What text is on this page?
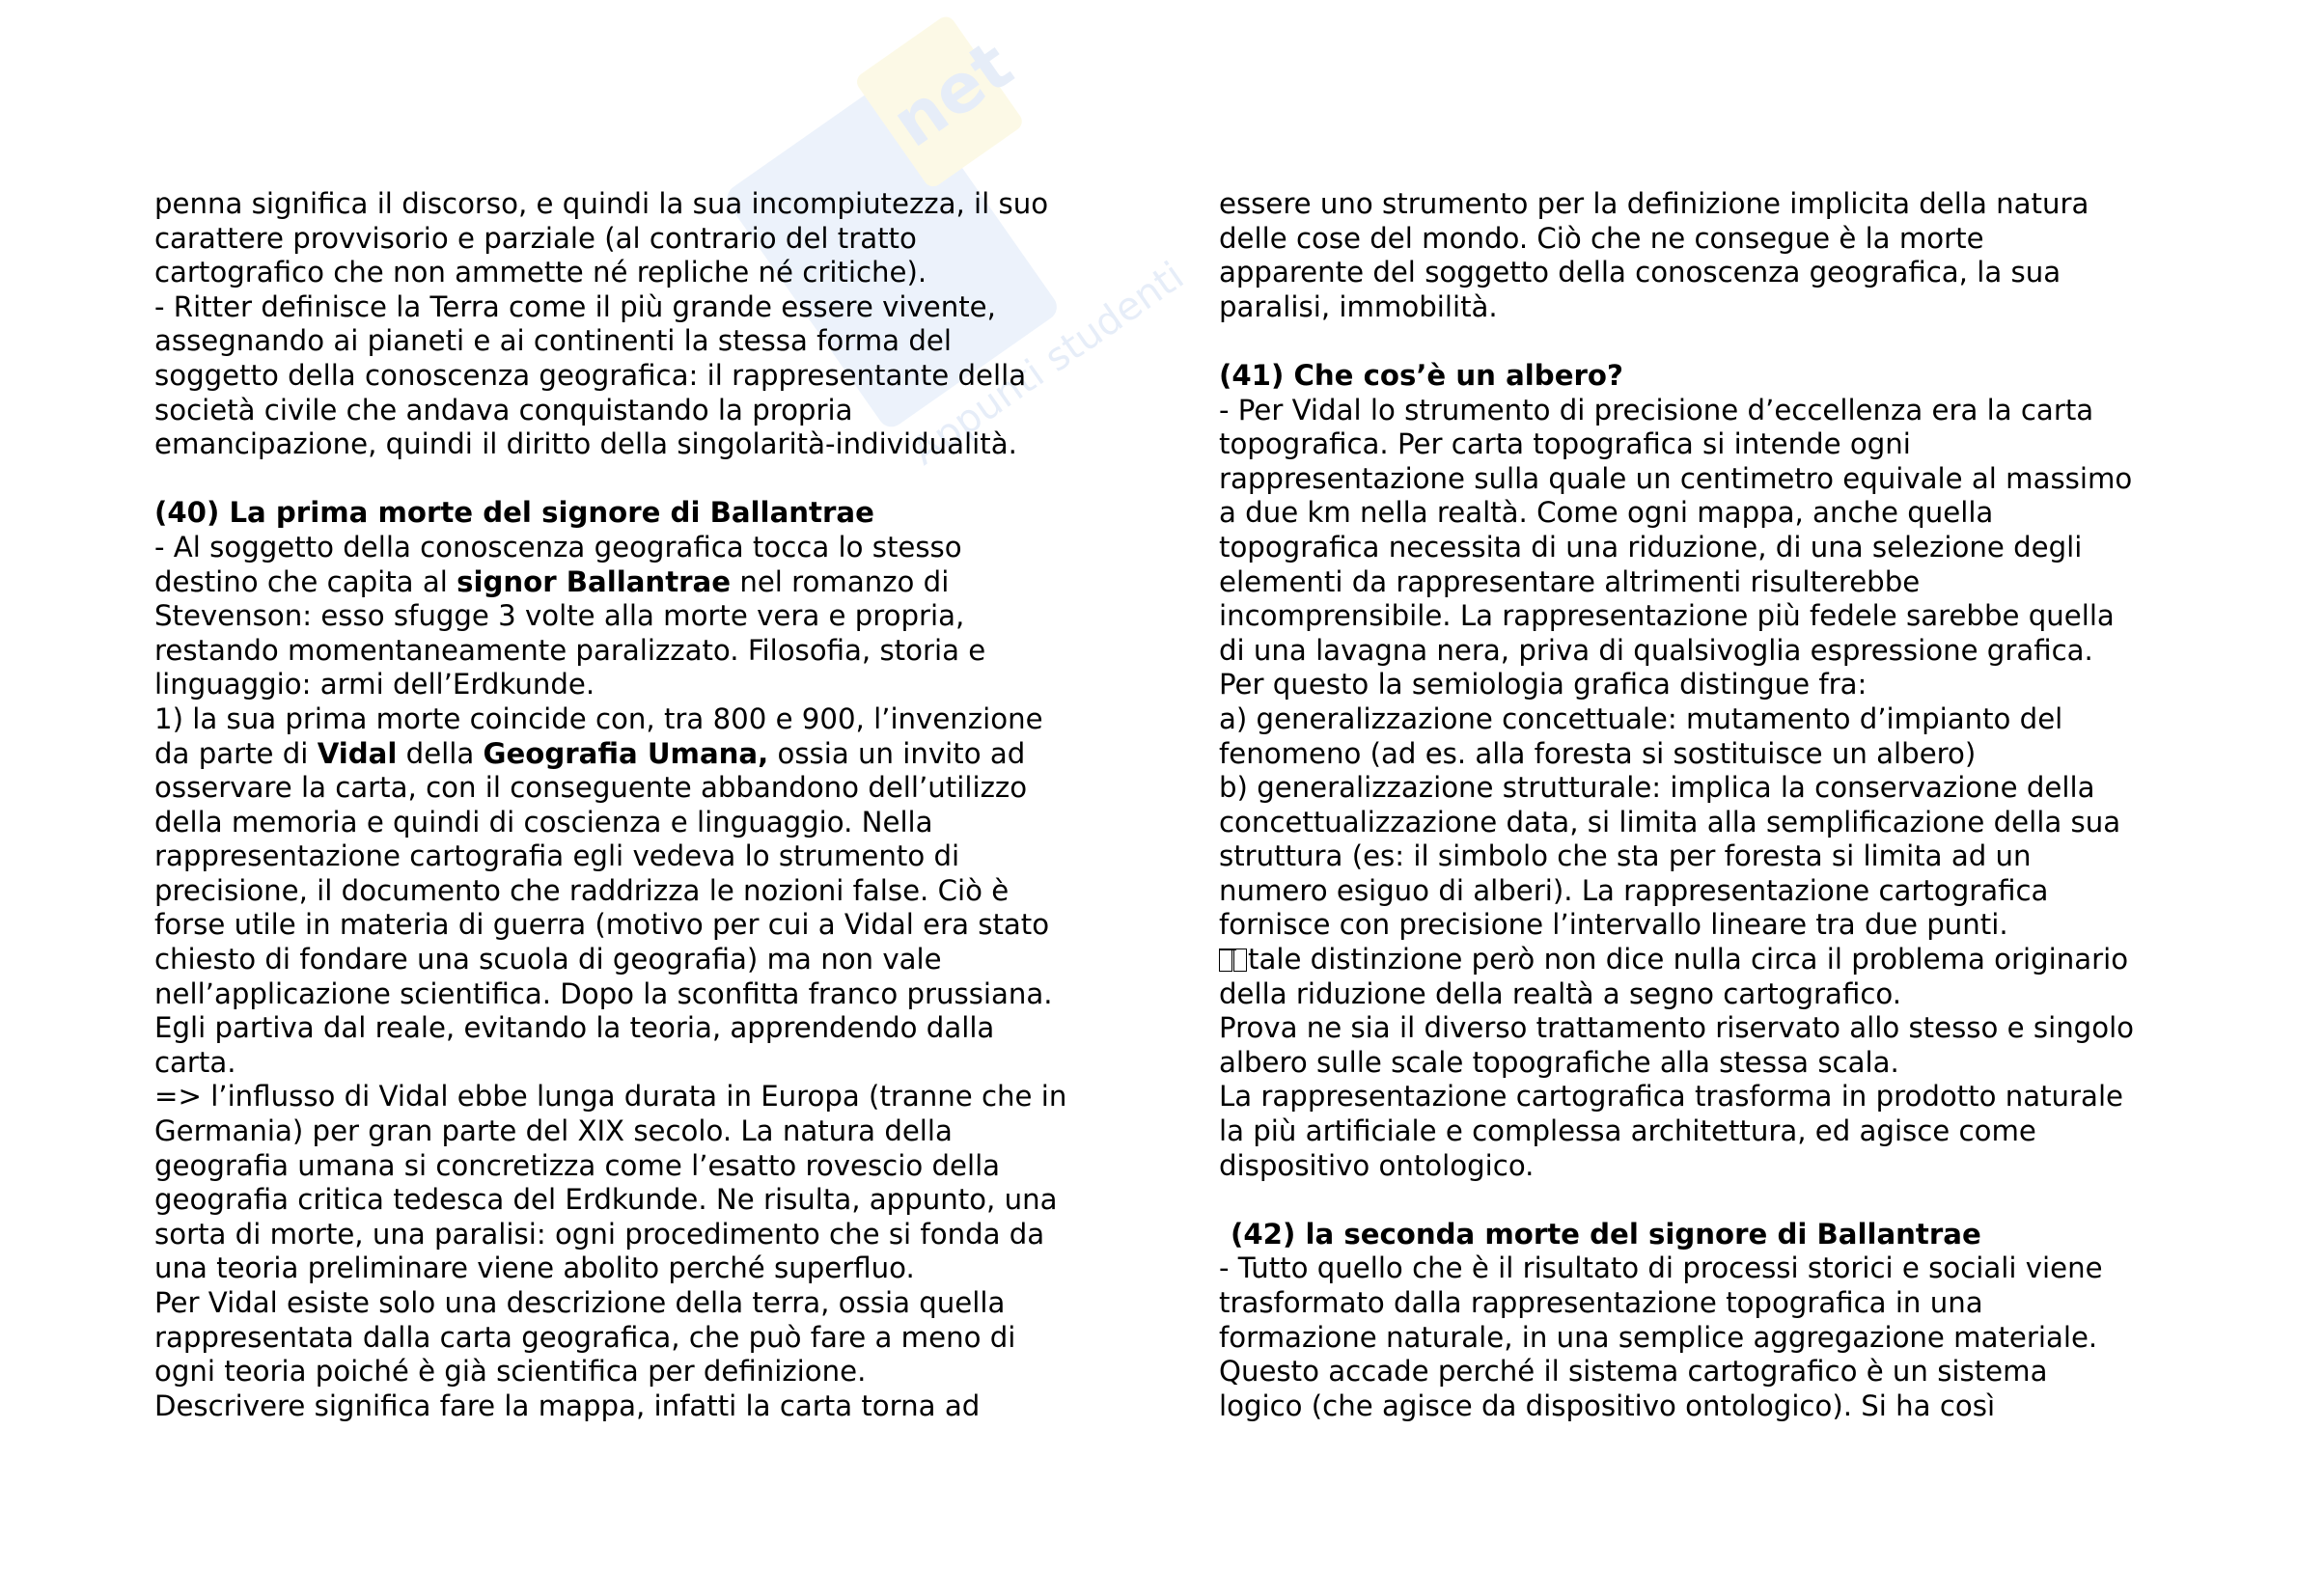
net
Appunti studenti
penna significa il discorso, e quindi la sua incompiutezza, il suo
carattere provvisorio e parziale (al contrario del tratto
cartografico che non ammette né repliche né critiche).
- Ritter definisce la Terra come il più grande essere vivente,
assegnando ai pianeti e ai continenti la stessa forma del
soggetto della conoscenza geografica: il rappresentante della
società civile che andava conquistando la propria
emancipazione, quindi il diritto della singolarità-individualità.
(40) La prima morte del signore di Ballantrae
- Al soggetto della conoscenza geografica tocca lo stesso
destino che capita al signor Ballantrae nel romanzo di
Stevenson: esso sfugge 3 volte alla morte vera e propria,
restando momentaneamente paralizzato. Filosofia, storia e
linguaggio: armi dell’Erdkunde.
1) la sua prima morte coincide con, tra 800 e 900, l’invenzione
da parte di Vidal della Geografia Umana, ossia un invito ad
osservare la carta, con il conseguente abbandono dell’utilizzo
della memoria e quindi di coscienza e linguaggio. Nella
rappresentazione cartografia egli vedeva lo strumento di
precisione, il documento che raddrizza le nozioni false. Ciò è
forse utile in materia di guerra (motivo per cui a Vidal era stato
chiesto di fondare una scuola di geografia) ma non vale
nell’applicazione scientifica. Dopo la sconfitta franco prussiana.
Egli partiva dal reale, evitando la teoria, apprendendo dalla
carta.
=> l’influsso di Vidal ebbe lunga durata in Europa (tranne che in
Germania) per gran parte del XIX secolo. La natura della
geografia umana si concretizza come l’esatto rovescio della
geografia critica tedesca del Erdkunde. Ne risulta, appunto, una
sorta di morte, una paralisi: ogni procedimento che si fonda da
una teoria preliminare viene abolito perché superfluo.
Per Vidal esiste solo una descrizione della terra, ossia quella
rappresentata dalla carta geografica, che può fare a meno di
ogni teoria poiché è già scientifica per definizione.
Descrivere significa fare la mappa, infatti la carta torna ad
essere uno strumento per la definizione implicita della natura
delle cose del mondo. Ciò che ne consegue è la morte
apparente del soggetto della conoscenza geografica, la sua
paralisi, immobilità.
(41) Che cos’è un albero?
- Per Vidal lo strumento di precisione d’eccellenza era la carta
topografica. Per carta topografica si intende ogni
rappresentazione sulla quale un centimetro equivale al massimo
a due km nella realtà. Come ogni mappa, anche quella
topografica necessita di una riduzione, di una selezione degli
elementi da rappresentare altrimenti risulterebbe
incomprensibile. La rappresentazione più fedele sarebbe quella
di una lavagna nera, priva di qualsivoglia espressione grafica.
Per questo la semiologia grafica distingue fra:
a) generalizzazione concettuale: mutamento d’impianto del
fenomeno (ad es. alla foresta si sostituisce un albero)
b) generalizzazione strutturale: implica la conservazione della
concettualizzazione data, si limita alla semplificazione della sua
struttura (es: il simbolo che sta per foresta si limita ad un
numero esiguo di alberi). La rappresentazione cartografica
fornisce con precisione l’intervallo lineare tra due punti.
tale distinzione però non dice nulla circa il problema originario
della riduzione della realtà a segno cartografico.
Prova ne sia il diverso trattamento riservato allo stesso e singolo
albero sulle scale topografiche alla stessa scala.
La rappresentazione cartografica trasforma in prodotto naturale
la più artificiale e complessa architettura, ed agisce come
dispositivo ontologico.
(42) la seconda morte del signore di Ballantrae
- Tutto quello che è il risultato di processi storici e sociali viene
trasformato dalla rappresentazione topografica in una
formazione naturale, in una semplice aggregazione materiale.
Questo accade perché il sistema cartografico è un sistema
logico (che agisce da dispositivo ontologico). Si ha così
